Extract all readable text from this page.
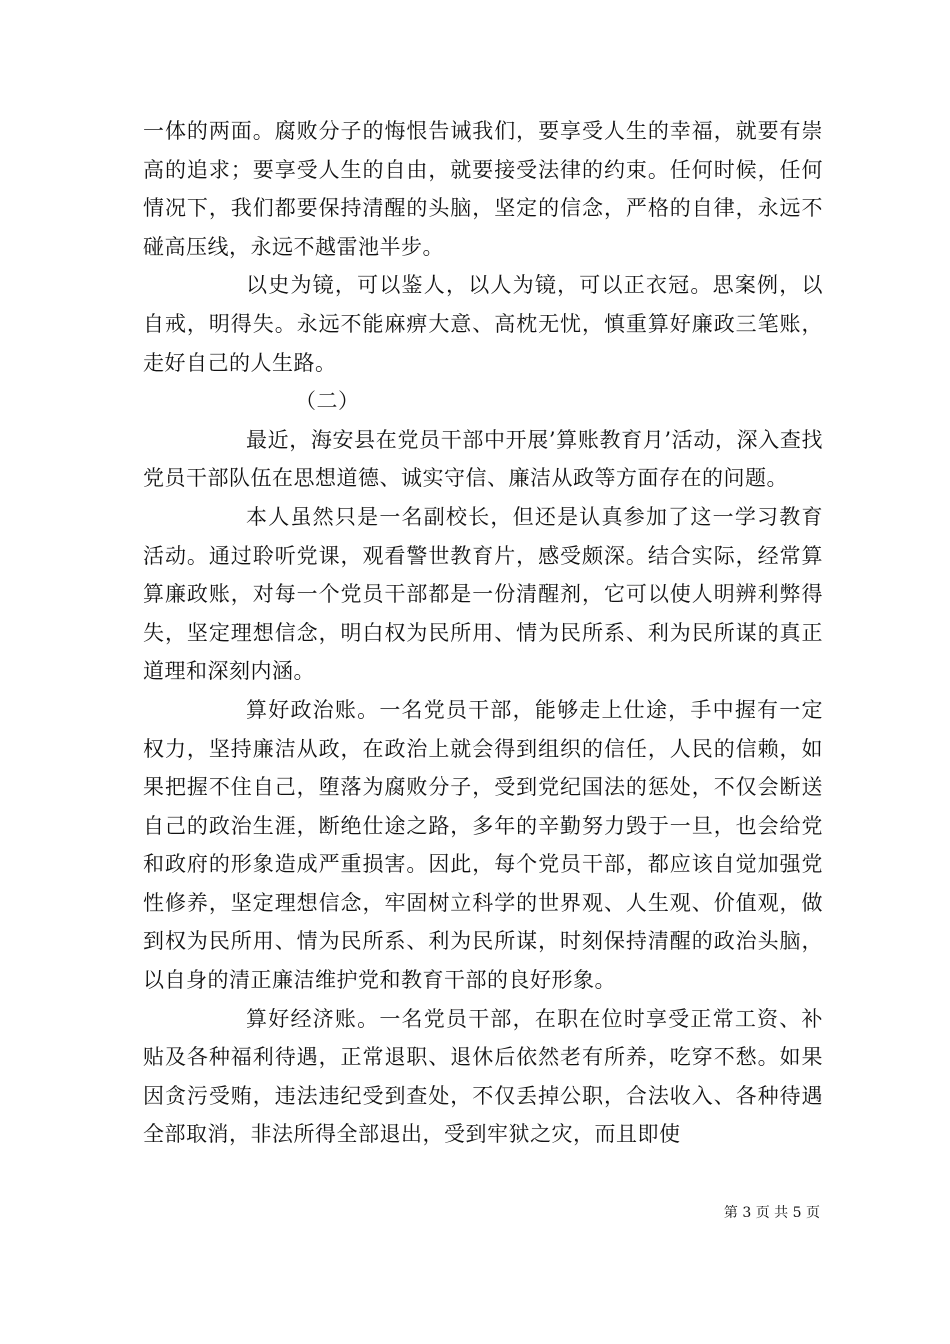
一体的两面。腐败分子的悔恨告诫我们，要享受人生的幸福，就要有崇高的追求；要享受人生的自由，就要接受法律的约束。任何时候，任何情况下，我们都要保持清醒的头脑，坚定的信念，严格的自律，永远不碰高压线，永远不越雷池半步。

以史为镜，可以鉴人，以人为镜，可以正衣冠。思案例，以自戒，明得失。永远不能麻痹大意、高枕无忧，慎重算好廉政三笔账，走好自己的人生路。

（二）

最近，海安县在党员干部中开展’算账教育月’活动，深入查找党员干部队伍在思想道德、诚实守信、廉洁从政等方面存在的问题。

本人虽然只是一名副校长，但还是认真参加了这一学习教育活动。通过聆听党课，观看警世教育片，感受颇深。结合实际，经常算算廉政账，对每一个党员干部都是一份清醒剂，它可以使人明辨利弊得失，坚定理想信念，明白权为民所用、情为民所系、利为民所谋的真正道理和深刻内涵。

算好政治账。一名党员干部，能够走上仕途，手中握有一定权力，坚持廉洁从政，在政治上就会得到组织的信任，人民的信赖，如果把握不住自己，堕落为腐败分子，受到党纪国法的惩处，不仅会断送自己的政治生涯，断绝仕途之路，多年的辛勤努力毁于一旦，也会给党和政府的形象造成严重损害。因此，每个党员干部，都应该自觉加强党性修养，坚定理想信念，牢固树立科学的世界观、人生观、价值观，做到权为民所用、情为民所系、利为民所谋，时刻保持清醒的政治头脑，以自身的清正廉洁维护党和教育干部的良好形象。

算好经济账。一名党员干部，在职在位时享受正常工资、补贴及各种福利待遇，正常退职、退休后依然老有所养，吃穿不愁。如果因贪污受贿，违法违纪受到查处，不仅丢掉公职，合法收入、各种待遇全部取消，非法所得全部退出，受到牢狱之灾，而且即使

第 3 页 共 5 页
